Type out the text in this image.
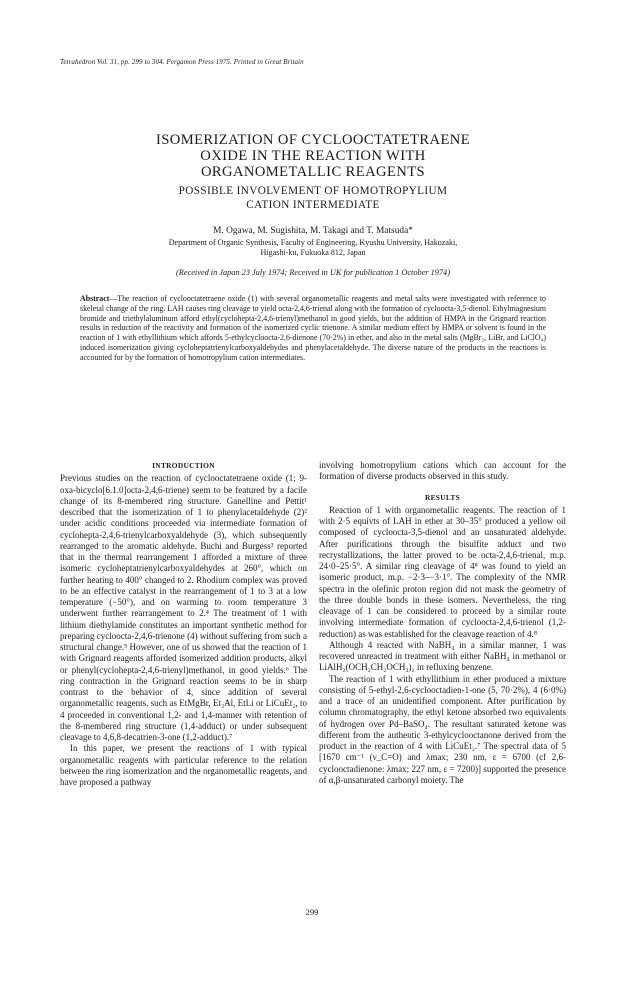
Tetrahedron Vol. 31, pp. 299 to 304. Pergamon Press 1975. Printed in Great Britain
ISOMERIZATION OF CYCLOOCTATETRAENE
OXIDE IN THE REACTION WITH
ORGANOMETALLIC REAGENTS
POSSIBLE INVOLVEMENT OF HOMOTROPYLIUM
CATION INTERMEDIATE
M. Ogawa, M. Sugishita, M. Takagi and T. Matsuda*
Department of Organic Synthesis, Faculty of Engineering, Kyushu University, Hakozaki,
Higashi-ku, Fukuoka 812, Japan
(Received in Japan 23 July 1974; Received in UK for publication 1 October 1974)
Abstract—The reaction of cyclooctatetraene oxide (1) with several organometallic reagents and metal salts were investigated with reference to skeletal change of the ring. LAH causes ring cleavage to yield octa-2,4,6-trienal along with the formation of cycloocta-3,5-dienol. Ethylmagnesium bromide and triethylaluminum afford ethyl(cyclohepta-2,4,6-trienyl)methanol in good yields, but the addition of HMPA in the Grignard reaction results in reduction of the reactivity and formation of the isomerized cyclic trienone. A similar medium effect by HMPA or solvent is found in the reaction of 1 with ethyllithium which affords 5-ethylcycloocta-2,6-dienone (70·2%) in ether, and also in the metal salts (MgBr₂, LiBr, and LiClO₄) induced isomerization giving cycloheptatrienylcarboxyaldehydes and phenylacetaldehyde. The diverse nature of the products in the reactions is accounted for by the formation of homotropylium cation intermediates.
INTRODUCTION

Previous studies on the reaction of cyclooctatetraene oxide (1; 9-oxa-bicyclo[6.1.0]octa-2,4,6-triene) seem to be featured by a facile change of its 8-membered ring structure. Ganelline and Pettit¹ described that the isomerization of 1 to phenylacetaldehyde (2)² under acidic conditions proceeded via intermediate formation of cyclohepta-2,4,6-trienylcarboxyaldehyde (3), which subsequently rearranged to the aromatic aldehyde. Buchi and Burgess³ reported that in the thermal rearrangement 1 afforded a mixture of three isomeric cycloheptatrienylcarboxyaldehydes at 260°, which on further heating to 400° changed to 2. Rhodium complex was proved to be an effective catalyst in the rearrangement of 1 to 3 at a low temperature (−50°), and on warming to room temperature 3 underwent further rearrangement to 2.⁴ The treatment of 1 with lithium diethylamide constitutes an important synthetic method for preparing cycloocta-2,4,6-trienone (4) without suffering from such a structural change.⁵ However, one of us showed that the reaction of 1 with Grignard reagents afforded isomerized addition products, alkyl or phenyl(cyclohepta-2,4,6-trienyl)methanol, in good yields.⁶ The ring contraction in the Grignard reaction seems to be in sharp contrast to the behavior of 4, since addition of several organometallic reagents, such as EtMgBr, Et₃Al, EtLi or LiCuEt₂, to 4 proceeded in conventional 1,2- and 1,4-manner with retention of the 8-membered ring structure (1,4-adduct) or under subsequent cleavage to 4,6,8-decatrien-3-one (1,2-adduct).⁷

In this paper, we present the reactions of 1 with typical organometallic reagents with particular reference to the relation between the ring isomerization and the organometallic reagents, and have proposed a pathway

involving homotropylium cations which can account for the formation of diverse products observed in this study.

RESULTS

Reaction of 1 with organometallic reagents. The reaction of 1 with 2·5 equivts of LAH in ether at 30–35° produced a yellow oil composed of cycloocta-3,5-dienol and an unsaturated aldehyde. After purifications through the bisulfite adduct and two recrystallizations, the latter proved to be octa-2,4,6-trienal, m.p. 24·0–25·5°. A similar ring cleavage of 4⁸ was found to yield an isomeric product, m.p. −2·3–−3·1°. The complexity of the NMR spectra in the olefinic proton region did not mask the geometry of the three double bonds in these isomers. Nevertheless, the ring cleavage of 1 can be considered to proceed by a similar route involving intermediate formation of cycloocta-2,4,6-trienol (1,2-reduction) as was established for the cleavage reaction of 4.⁸

Although 4 reacted with NaBH₄ in a similar manner, 1 was recovered unreacted in treatment with either NaBH₄ in methanol or LiAlH₂(OCH₂CH₂OCH₃)₂ in refluxing benzene.

The reaction of 1 with ethyllithium in ether produced a mixture consisting of 5-ethyl-2,6-cyclooctadien-1-one (5, 70·2%), 4 (6·0%) and a trace of an unidentified component. After purification by column chromatography, the ethyl ketone absorbed two equivalents of hydrogen over Pd–BaSO₄. The resultant saturated ketone was different from the authentic 3-ethylcyclooctanone derived from the product in the reaction of 4 with LiCuEt₂.⁷ The spectral data of 5 [1670 cm⁻¹ (ν_C=O) and λmax; 230 nm, ε = 6700 (cf 2,6-cyclooctadienone: λmax; 227 nm, ε = 7200)] supported the presence of α,β-unsaturated carbonyl moiety. The

299
